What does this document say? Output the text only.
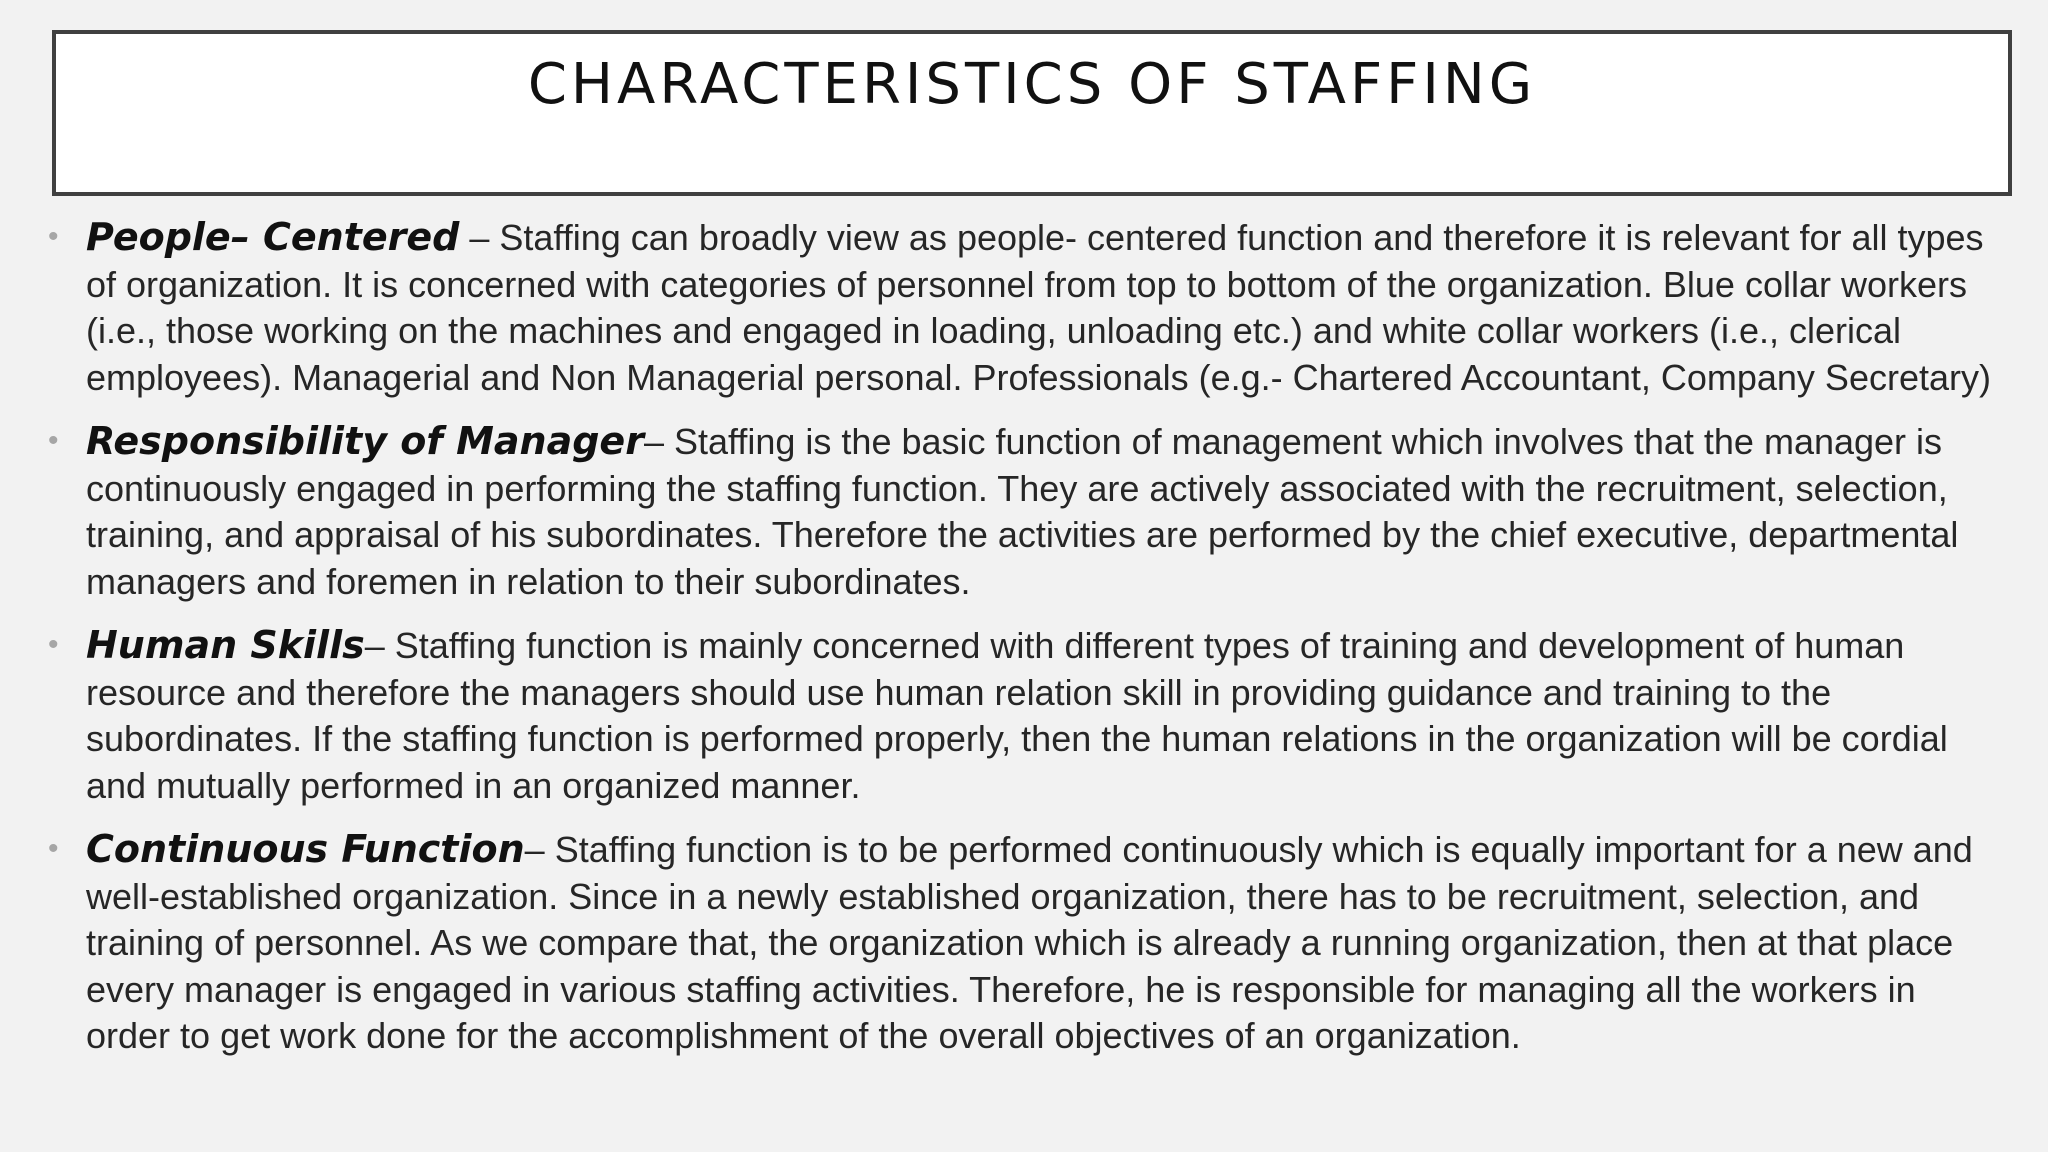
CHARACTERISTICS OF STAFFING
• People– Centered – Staffing can broadly view as people- centered function and therefore it is relevant for all types of organization. It is concerned with categories of personnel from top to bottom of the organization. Blue collar workers (i.e., those working on the machines and engaged in loading, unloading etc.) and white collar workers (i.e., clerical employees). Managerial and Non Managerial personal. Professionals (e.g.- Chartered Accountant, Company Secretary)
• Responsibility of Manager– Staffing is the basic function of management which involves that the manager is continuously engaged in performing the staffing function. They are actively associated with the recruitment, selection, training, and appraisal of his subordinates. Therefore the activities are performed by the chief executive, departmental managers and foremen in relation to their subordinates.
• Human Skills– Staffing function is mainly concerned with different types of training and development of human resource and therefore the managers should use human relation skill in providing guidance and training to the subordinates. If the staffing function is performed properly, then the human relations in the organization will be cordial and mutually performed in an organized manner.
• Continuous Function– Staffing function is to be performed continuously which is equally important for a new and well-established organization. Since in a newly established organization, there has to be recruitment, selection, and training of personnel. As we compare that, the organization which is already a running organization, then at that place every manager is engaged in various staffing activities. Therefore, he is responsible for managing all the workers in order to get work done for the accomplishment of the overall objectives of an organization.
